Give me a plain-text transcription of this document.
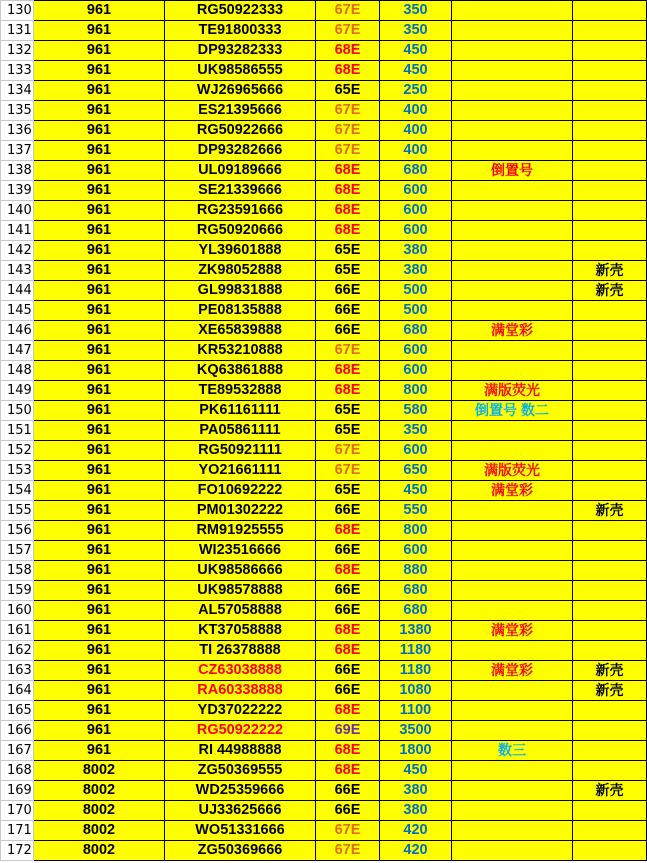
130	961	RG50922333	67E	350		
131	961	TE91800333	67E	350		
132	961	DP93282333	68E	450		
133	961	UK98586555	68E	450		
134	961	WJ26965666	65E	250		
135	961	ES21395666	67E	400		
136	961	RG50922666	67E	400		
137	961	DP93282666	67E	400		
138	961	UL09189666	68E	680	倒置号	
139	961	SE21339666	68E	600		
140	961	RG23591666	68E	600		
141	961	RG50920666	68E	600		
142	961	YL39601888	65E	380		
143	961	ZK98052888	65E	380		新壳
144	961	GL99831888	66E	500		新壳
145	961	PE08135888	66E	500		
146	961	XE65839888	66E	680	满堂彩	
147	961	KR53210888	67E	600		
148	961	KQ63861888	68E	600		
149	961	TE89532888	68E	800	满版荧光	
150	961	PK61161111	65E	580	倒置号 数二	
151	961	PA05861111	65E	350		
152	961	RG50921111	67E	600		
153	961	YO21661111	67E	650	满版荧光	
154	961	FO10692222	65E	450	满堂彩	
155	961	PM01302222	66E	550		新壳
156	961	RM91925555	68E	800		
157	961	WI23516666	66E	600		
158	961	UK98586666	68E	880		
159	961	UK98578888	66E	680		
160	961	AL57058888	66E	680		
161	961	KT37058888	68E	1380	满堂彩	
162	961	TI 26378888	68E	1180		
163	961	CZ63038888	66E	1180	满堂彩	新壳
164	961	RA60338888	66E	1080		新壳
165	961	YD37022222	68E	1100		
166	961	RG50922222	69E	3500		
167	961	RI 44988888	68E	1800	数三	
168	8002	ZG50369555	68E	450		
169	8002	WD25359666	66E	380		新壳
170	8002	UJ33625666	66E	380		
171	8002	WO51331666	67E	420		
172	8002	ZG50369666	67E	420		
